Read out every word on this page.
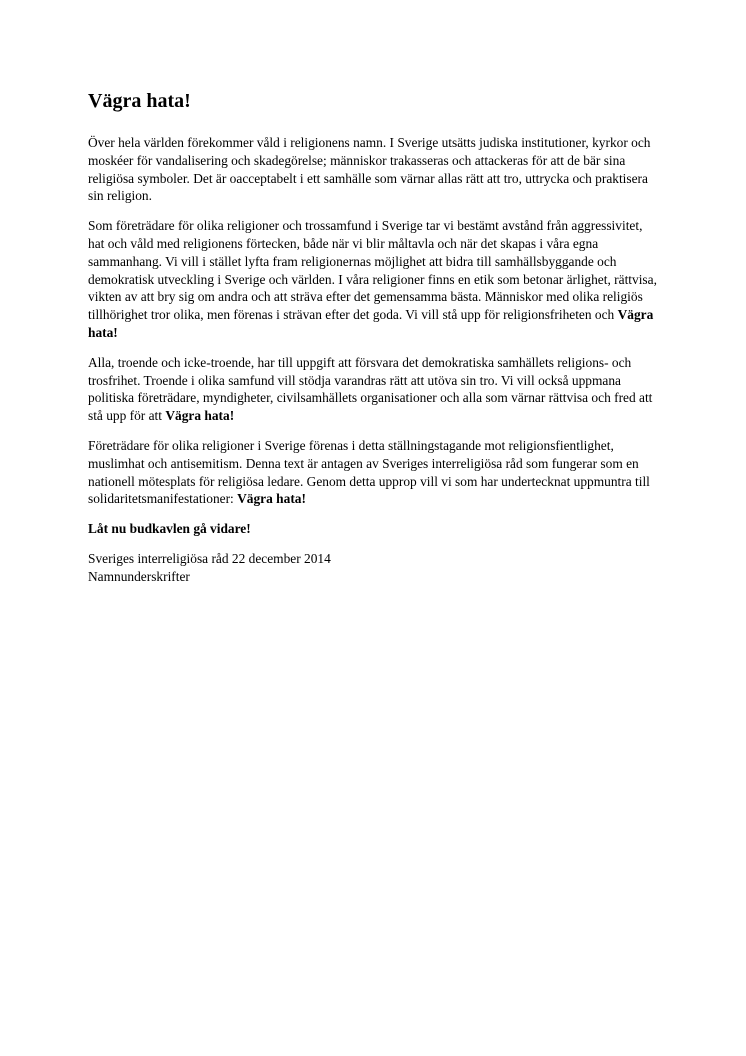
Vägra hata!

Över hela världen förekommer våld i religionens namn. I Sverige utsätts judiska institutioner, kyrkor och moskéer för vandalisering och skadegörelse; människor trakasseras och attackeras för att de bär sina religiösa symboler. Det är oacceptabelt i ett samhälle som värnar allas rätt att tro, uttrycka och praktisera sin religion.

Som företrädare för olika religioner och trossamfund i Sverige tar vi bestämt avstånd från aggressivitet, hat och våld med religionens förtecken, både när vi blir måltavla och när det skapas i våra egna sammanhang. Vi vill i stället lyfta fram religionernas möjlighet att bidra till samhällsbyggande och demokratisk utveckling i Sverige och världen. I våra religioner finns en etik som betonar ärlighet, rättvisa, vikten av att bry sig om andra och att sträva efter det gemensamma bästa. Människor med olika religiös tillhörighet tror olika, men förenas i strävan efter det goda. Vi vill stå upp för religionsfriheten och Vägra hata!

Alla, troende och icke-troende, har till uppgift att försvara det demokratiska samhällets religions- och trosfrihet. Troende i olika samfund vill stödja varandras rätt att utöva sin tro. Vi vill också uppmana politiska företrädare, myndigheter, civilsamhällets organisationer och alla som värnar rättvisa och fred att stå upp för att Vägra hata!

Företrädare för olika religioner i Sverige förenas i detta ställningstagande mot religionsfientlighet, muslimhat och antisemitism. Denna text är antagen av Sveriges interreligiösa råd som fungerar som en nationell mötesplats för religiösa ledare. Genom detta upprop vill vi som har undertecknat uppmuntra till solidaritetsmanifestationer: Vägra hata!

Låt nu budkavlen gå vidare!

Sveriges interreligiösa råd 22 december 2014

Namnunderskrifter
